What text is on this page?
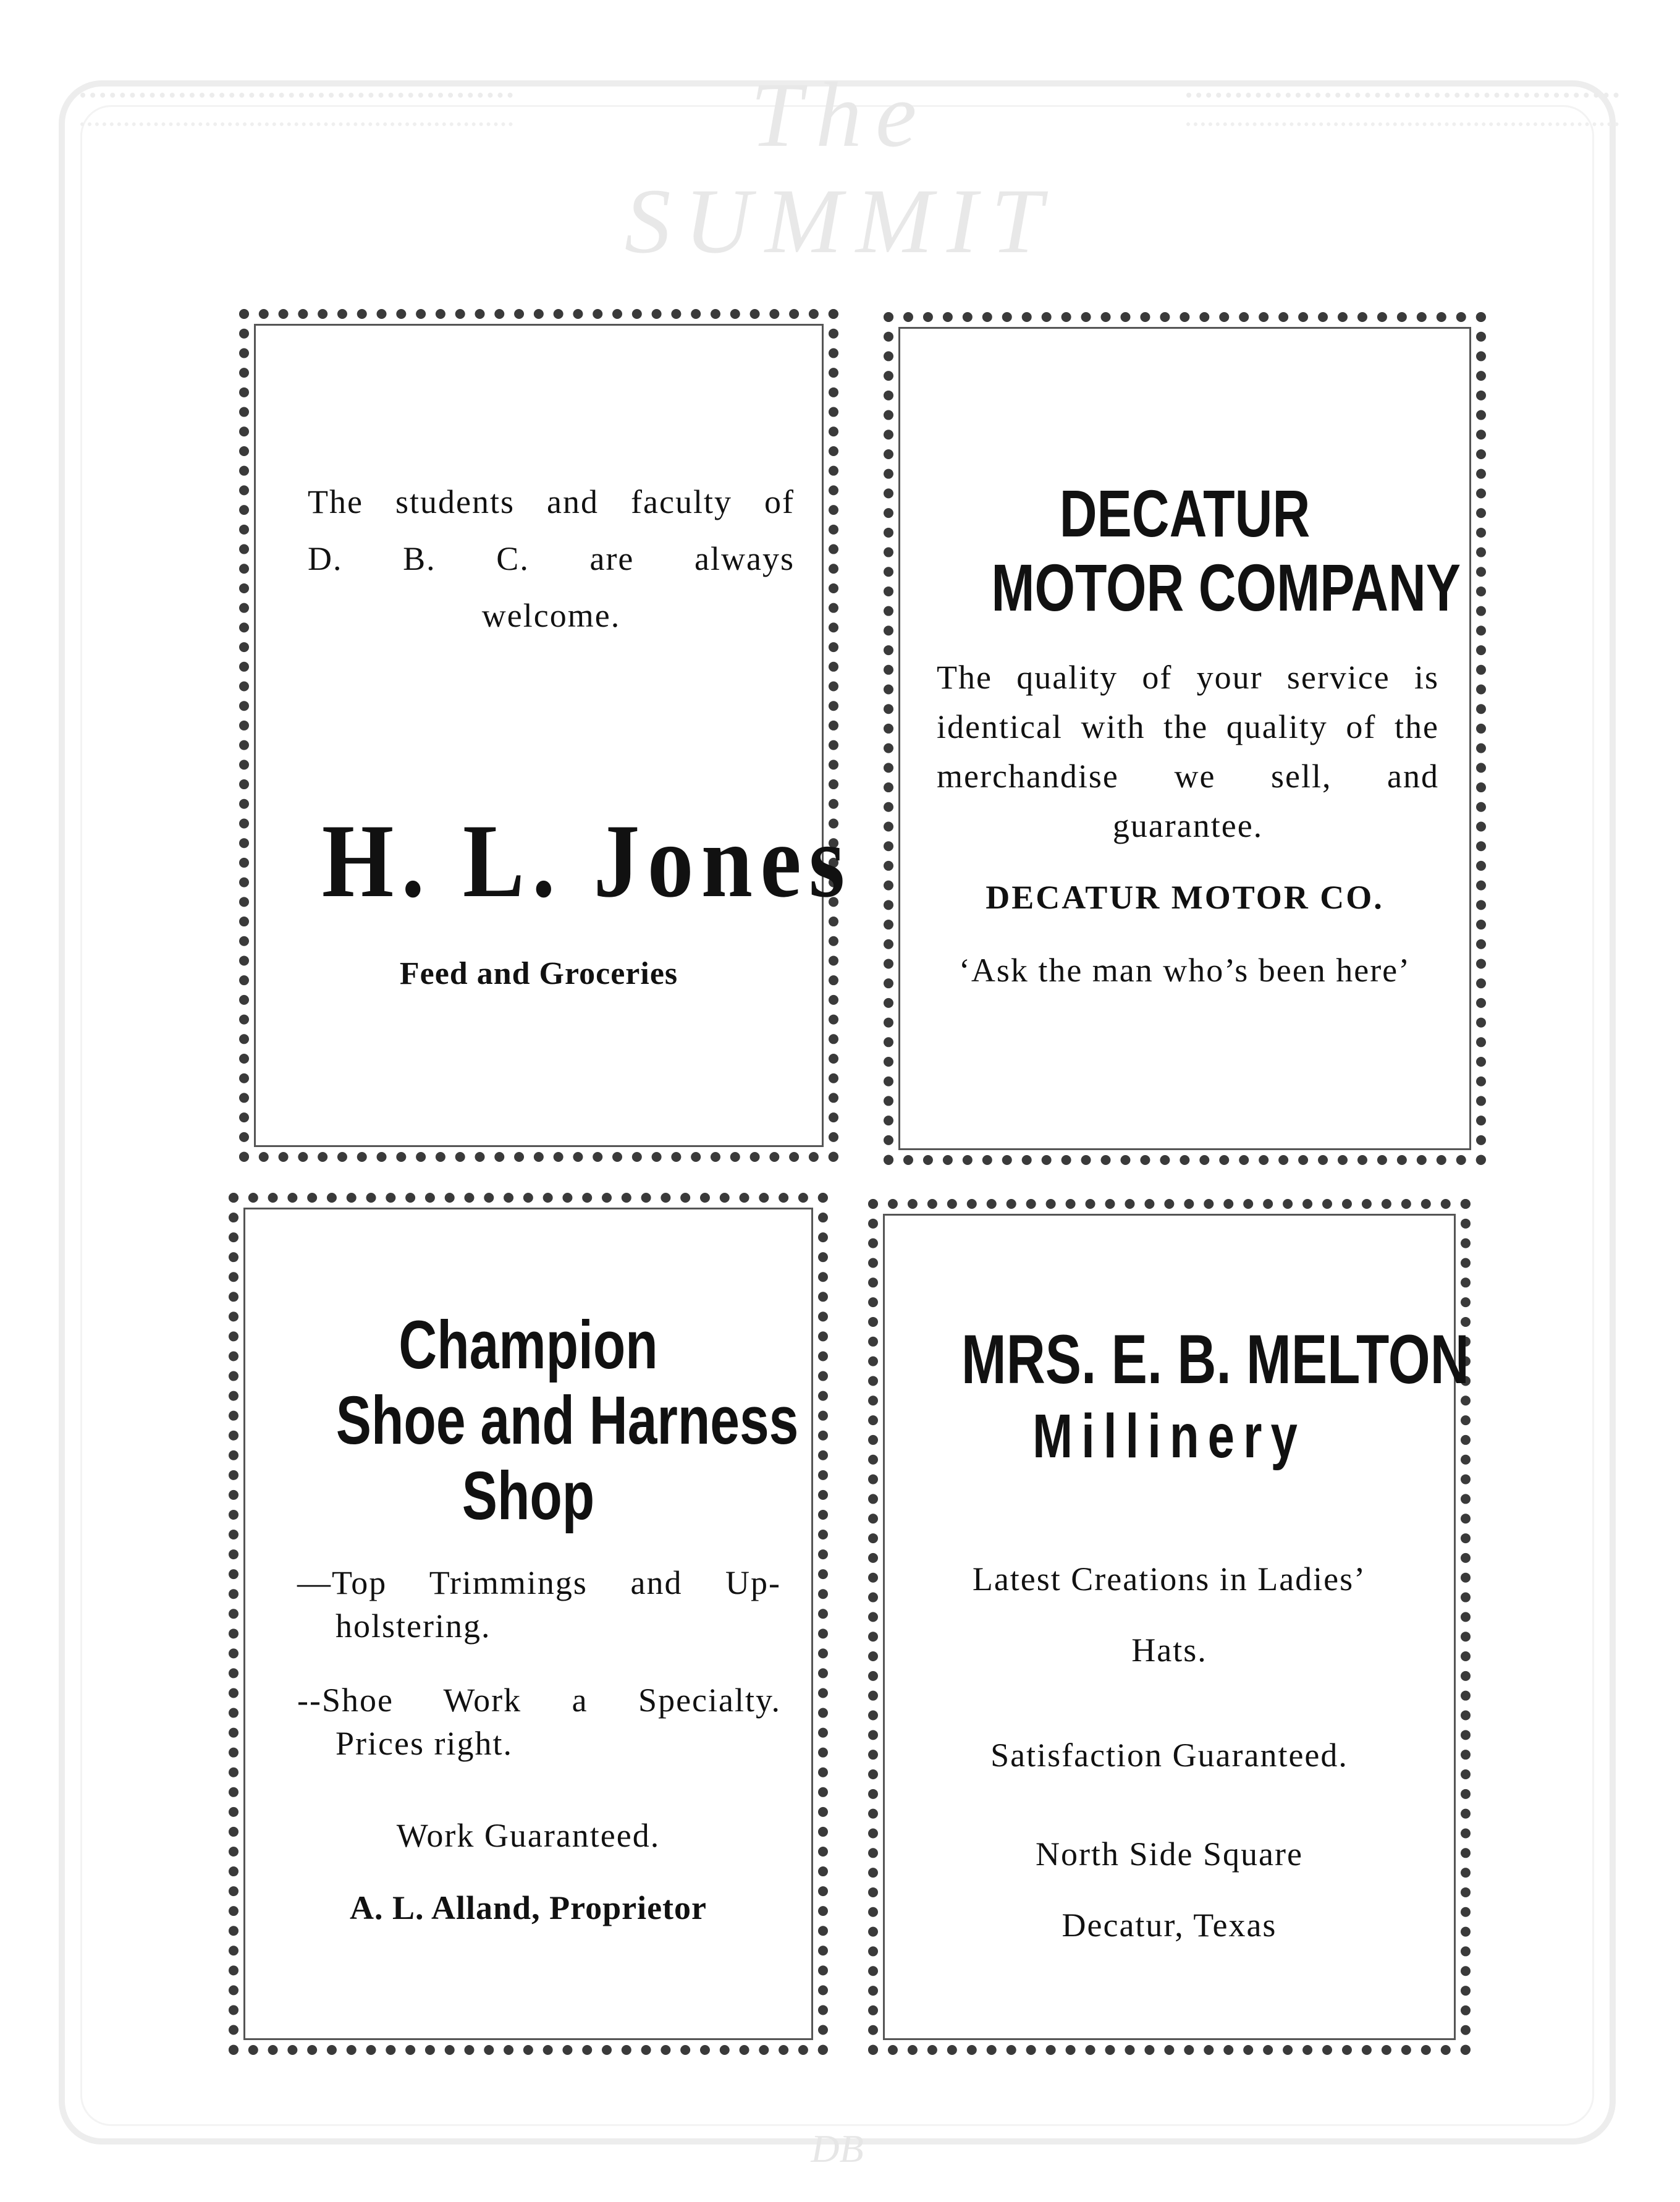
The SUMMIT
DB
The students and faculty of D. B. C. are always welcome.
H. L. Jones
Feed and Groceries
DECATUR
MOTOR COMPANY
The quality of your service is identical with the quality of the merchandise we sell, and guarantee.
DECATUR MOTOR CO.
‘Ask the man who’s been here’
Champion
Shoe and Harness
Shop
—Top Trimmings and Up-
holstering.
--Shoe Work a Specialty.
Prices right.
Work Guaranteed.
A. L. Alland, Proprietor
MRS. E. B. MELTON
Millinery
Latest Creations in Ladies’
Hats.
Satisfaction Guaranteed.
North Side Square
Decatur, Texas
